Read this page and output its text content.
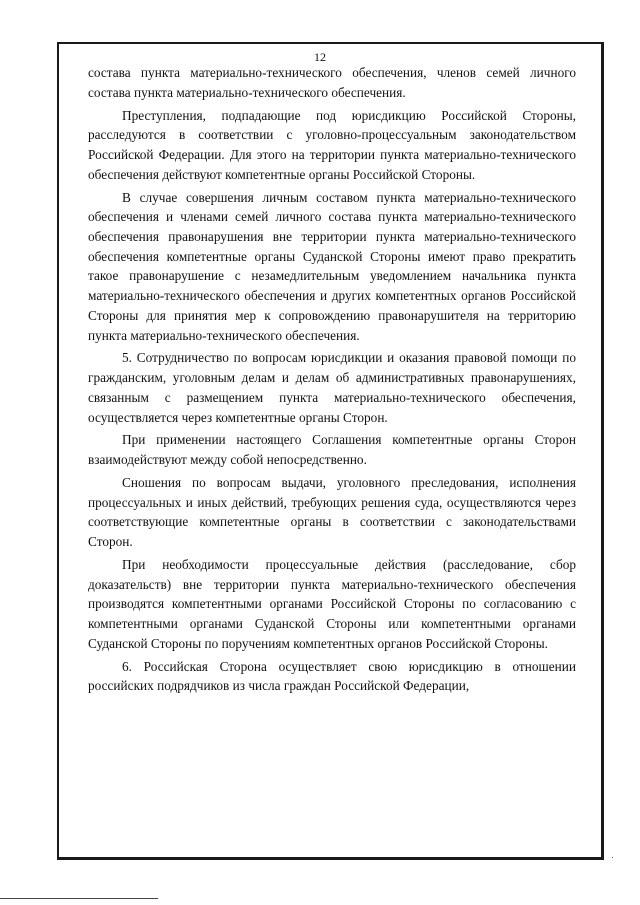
12

состава пункта материально-технического обеспечения, членов семей личного состава пункта материально-технического обеспечения.

Преступления, подпадающие под юрисдикцию Российской Стороны, расследуются в соответствии с уголовно-процессуальным законодательством Российской Федерации. Для этого на территории пункта материально-технического обеспечения действуют компетентные органы Российской Стороны.

В случае совершения личным составом пункта материально-технического обеспечения и членами семей личного состава пункта материально-технического обеспечения правонарушения вне территории пункта материально-технического обеспечения компетентные органы Суданской Стороны имеют право прекратить такое правонарушение с незамедлительным уведомлением начальника пункта материально-технического обеспечения и других компетентных органов Российской Стороны для принятия мер к сопровождению правонарушителя на территорию пункта материально-технического обеспечения.

5. Сотрудничество по вопросам юрисдикции и оказания правовой помощи по гражданским, уголовным делам и делам об административных правонарушениях, связанным с размещением пункта материально-технического обеспечения, осуществляется через компетентные органы Сторон.

При применении настоящего Соглашения компетентные органы Сторон взаимодействуют между собой непосредственно.

Сношения по вопросам выдачи, уголовного преследования, исполнения процессуальных и иных действий, требующих решения суда, осуществляются через соответствующие компетентные органы в соответствии с законодательствами Сторон.

При необходимости процессуальные действия (расследование, сбор доказательств) вне территории пункта материально-технического обеспечения производятся компетентными органами Российской Стороны по согласованию с компетентными органами Суданской Стороны или компетентными органами Суданской Стороны по поручениям компетентных органов Российской Стороны.

6. Российская Сторона осуществляет свою юрисдикцию в отношении российских подрядчиков из числа граждан Российской Федерации,
